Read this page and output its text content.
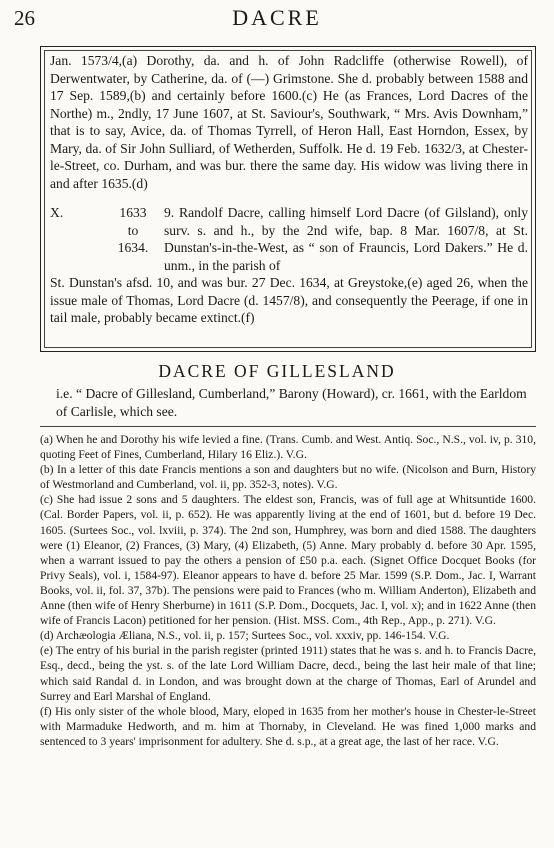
26	DACRE

Jan. 1573/4,(a) Dorothy, da. and h. of John Radcliffe (otherwise Rowell), of Derwentwater, by Catherine, da. of (—) Grimstone. She d. probably between 1588 and 17 Sep. 1589,(b) and certainly before 1600.(c) He (as Frances, Lord Dacres of the Northe) m., 2ndly, 17 June 1607, at St. Saviour's, Southwark, “ Mrs. Avis Downham,” that is to say, Avice, da. of Thomas Tyrrell, of Heron Hall, East Horndon, Essex, by Mary, da. of Sir John Sulliard, of Wetherden, Suffolk. He d. 19 Feb. 1632/3, at Chester-le-Street, co. Durham, and was bur. there the same day. His widow was living there in and after 1635.(d)

X.	1633
to
1634.
9. Randolf Dacre, calling himself Lord Dacre (of Gilsland), only surv. s. and h., by the 2nd wife, bap. 8 Mar. 1607/8, at St. Dunstan's-in-the-West, as “ son of Frauncis, Lord Dakers.” He d. unm., in the parish of

St. Dunstan's afsd. 10, and was bur. 27 Dec. 1634, at Greystoke,(e) aged 26, when the issue male of Thomas, Lord Dacre (d. 1457/8), and consequently the Peerage, if one in tail male, probably became extinct.(f)

DACRE OF GILLESLAND
i.e. “ Dacre of Gillesland, Cumberland,” Barony (Howard), cr. 1661, with the Earldom of Carlisle, which see.

(a) When he and Dorothy his wife levied a fine. (Trans. Cumb. and West. Antiq. Soc., N.S., vol. iv, p. 310, quoting Feet of Fines, Cumberland, Hilary 16 Eliz.). V.G.

(b) In a letter of this date Francis mentions a son and daughters but no wife. (Nicolson and Burn, History of Westmorland and Cumberland, vol. ii, pp. 352-3, notes). V.G.

(c) She had issue 2 sons and 5 daughters. The eldest son, Francis, was of full age at Whitsuntide 1600. (Cal. Border Papers, vol. ii, p. 652). He was apparently living at the end of 1601, but d. before 19 Dec. 1605. (Surtees Soc., vol. lxviii, p. 374). The 2nd son, Humphrey, was born and died 1588. The daughters were (1) Eleanor, (2) Frances, (3) Mary, (4) Elizabeth, (5) Anne. Mary probably d. before 30 Apr. 1595, when a warrant issued to pay the others a pension of £50 p.a. each. (Signet Office Docquet Books (for Privy Seals), vol. i, 1584-97). Eleanor appears to have d. before 25 Mar. 1599 (S.P. Dom., Jac. I, Warrant Books, vol. ii, fol. 37, 37b). The pensions were paid to Frances (who m. William Anderton), Elizabeth and Anne (then wife of Henry Sherburne) in 1611 (S.P. Dom., Docquets, Jac. I, vol. x); and in 1622 Anne (then wife of Francis Lacon) petitioned for her pension. (Hist. MSS. Com., 4th Rep., App., p. 271). V.G.

(d) Archæologia Æliana, N.S., vol. ii, p. 157; Surtees Soc., vol. xxxiv, pp. 146-154. V.G.

(e) The entry of his burial in the parish register (printed 1911) states that he was s. and h. to Francis Dacre, Esq., decd., being the yst. s. of the late Lord William Dacre, decd., being the last heir male of that line; which said Randal d. in London, and was brought down at the charge of Thomas, Earl of Arundel and Surrey and Earl Marshal of England.

(f) His only sister of the whole blood, Mary, eloped in 1635 from her mother's house in Chester-le-Street with Marmaduke Hedworth, and m. him at Thornaby, in Cleveland. He was fined 1,000 marks and sentenced to 3 years' imprisonment for adultery. She d. s.p., at a great age, the last of her race. V.G.
